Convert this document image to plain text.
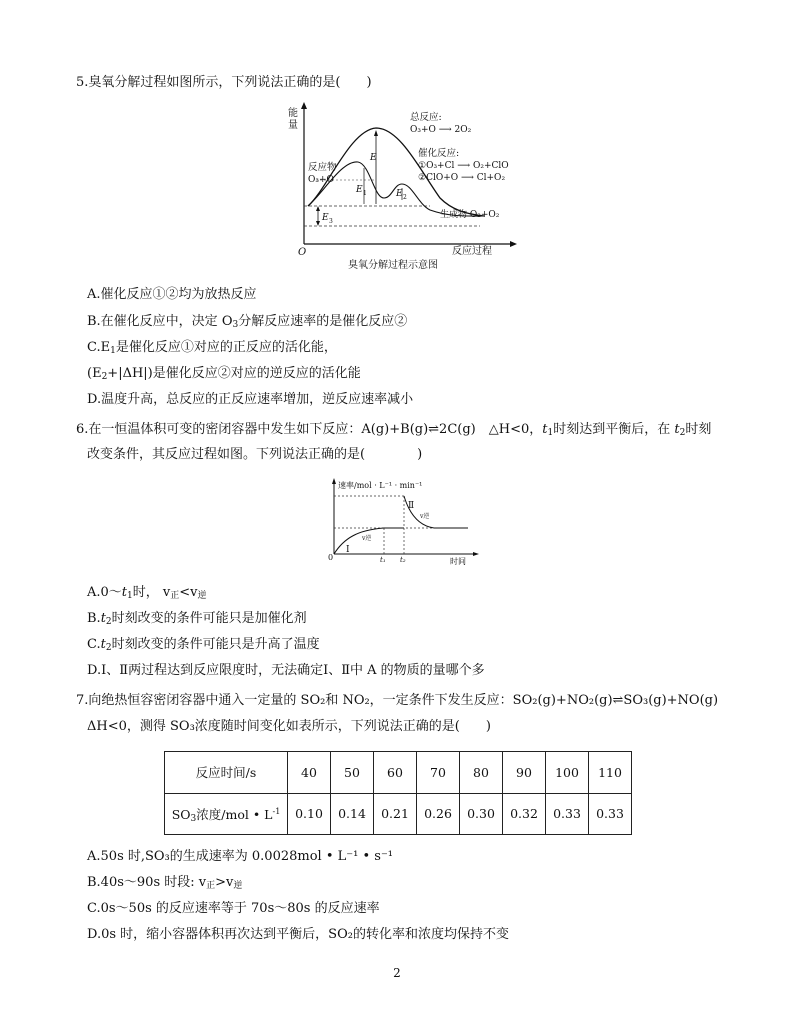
5.臭氧分解过程如图所示，下列说法正确的是(　　)
能
量
O	反应过程
E
E 1	E 2
E 3
反应物
O₃+O
生成物 O₂+O₂
总反应:
O₃+O ⟶ 2O₂
催化反应:
①O₃+Cl ⟶ O₂+ClO
②ClO+O ⟶ Cl+O₂
臭氧分解过程示意图
A.催化反应①②均为放热反应
B.在催化反应中，决定 $O_3$分解反应速率的是催化反应②
$C.E_1$是催化反应①对应的正反应的活化能，
$(E_2+|\Delta H|)$是催化反应②对应的逆反应的活化能
D.温度升高，总反应的正反应速率增加，逆反应速率减小
6.在一恒温体积可变的密闭容器中发生如下反应：A(g)+B(g)⇌2C(g)　△H<0，$t_1$时刻达到平衡后，在 $t_2$时刻
改变条件，其反应过程如图。下列说法正确的是(　　　　)
速率/mol · L⁻¹ · min⁻¹
0	时间
Ⅰ
Ⅱ
v逆
v逆
t₁ t₂
$A.0\sim t_1$时， $v_正<v_逆$
$B.t_2$时刻改变的条件可能只是加催化剂
$C.t_2$时刻改变的条件可能只是升高了温度
D.Ⅰ、Ⅱ两过程达到反应限度时，无法确定Ⅰ、Ⅱ中 A 的物质的量哪个多
7.向绝热恒容密闭容器中通入一定量的 SO₂和 NO₂，一定条件下发生反应：SO₂(g)+NO₂(g)⇌SO₃(g)+NO(g)
ΔH<0，测得 SO₃浓度随时间变化如表所示，下列说法正确的是(　　)
反应时间/s	40	50	60	70	80	90	100	110
$SO_3$浓度/mol • $L^{-1}$	0.10	0.14	0.21	0.26	0.30	0.32	0.33	0.33
A.50s 时,SO₃的生成速率为 0.0028mol • L⁻¹ • s⁻¹
B.40s～90s 时段: $v_正>v_逆$
C.0s～50s 的反应速率等于 70s～80s 的反应速率
D.0s 时，缩小容器体积再次达到平衡后，SO₂的转化率和浓度均保持不变
2
